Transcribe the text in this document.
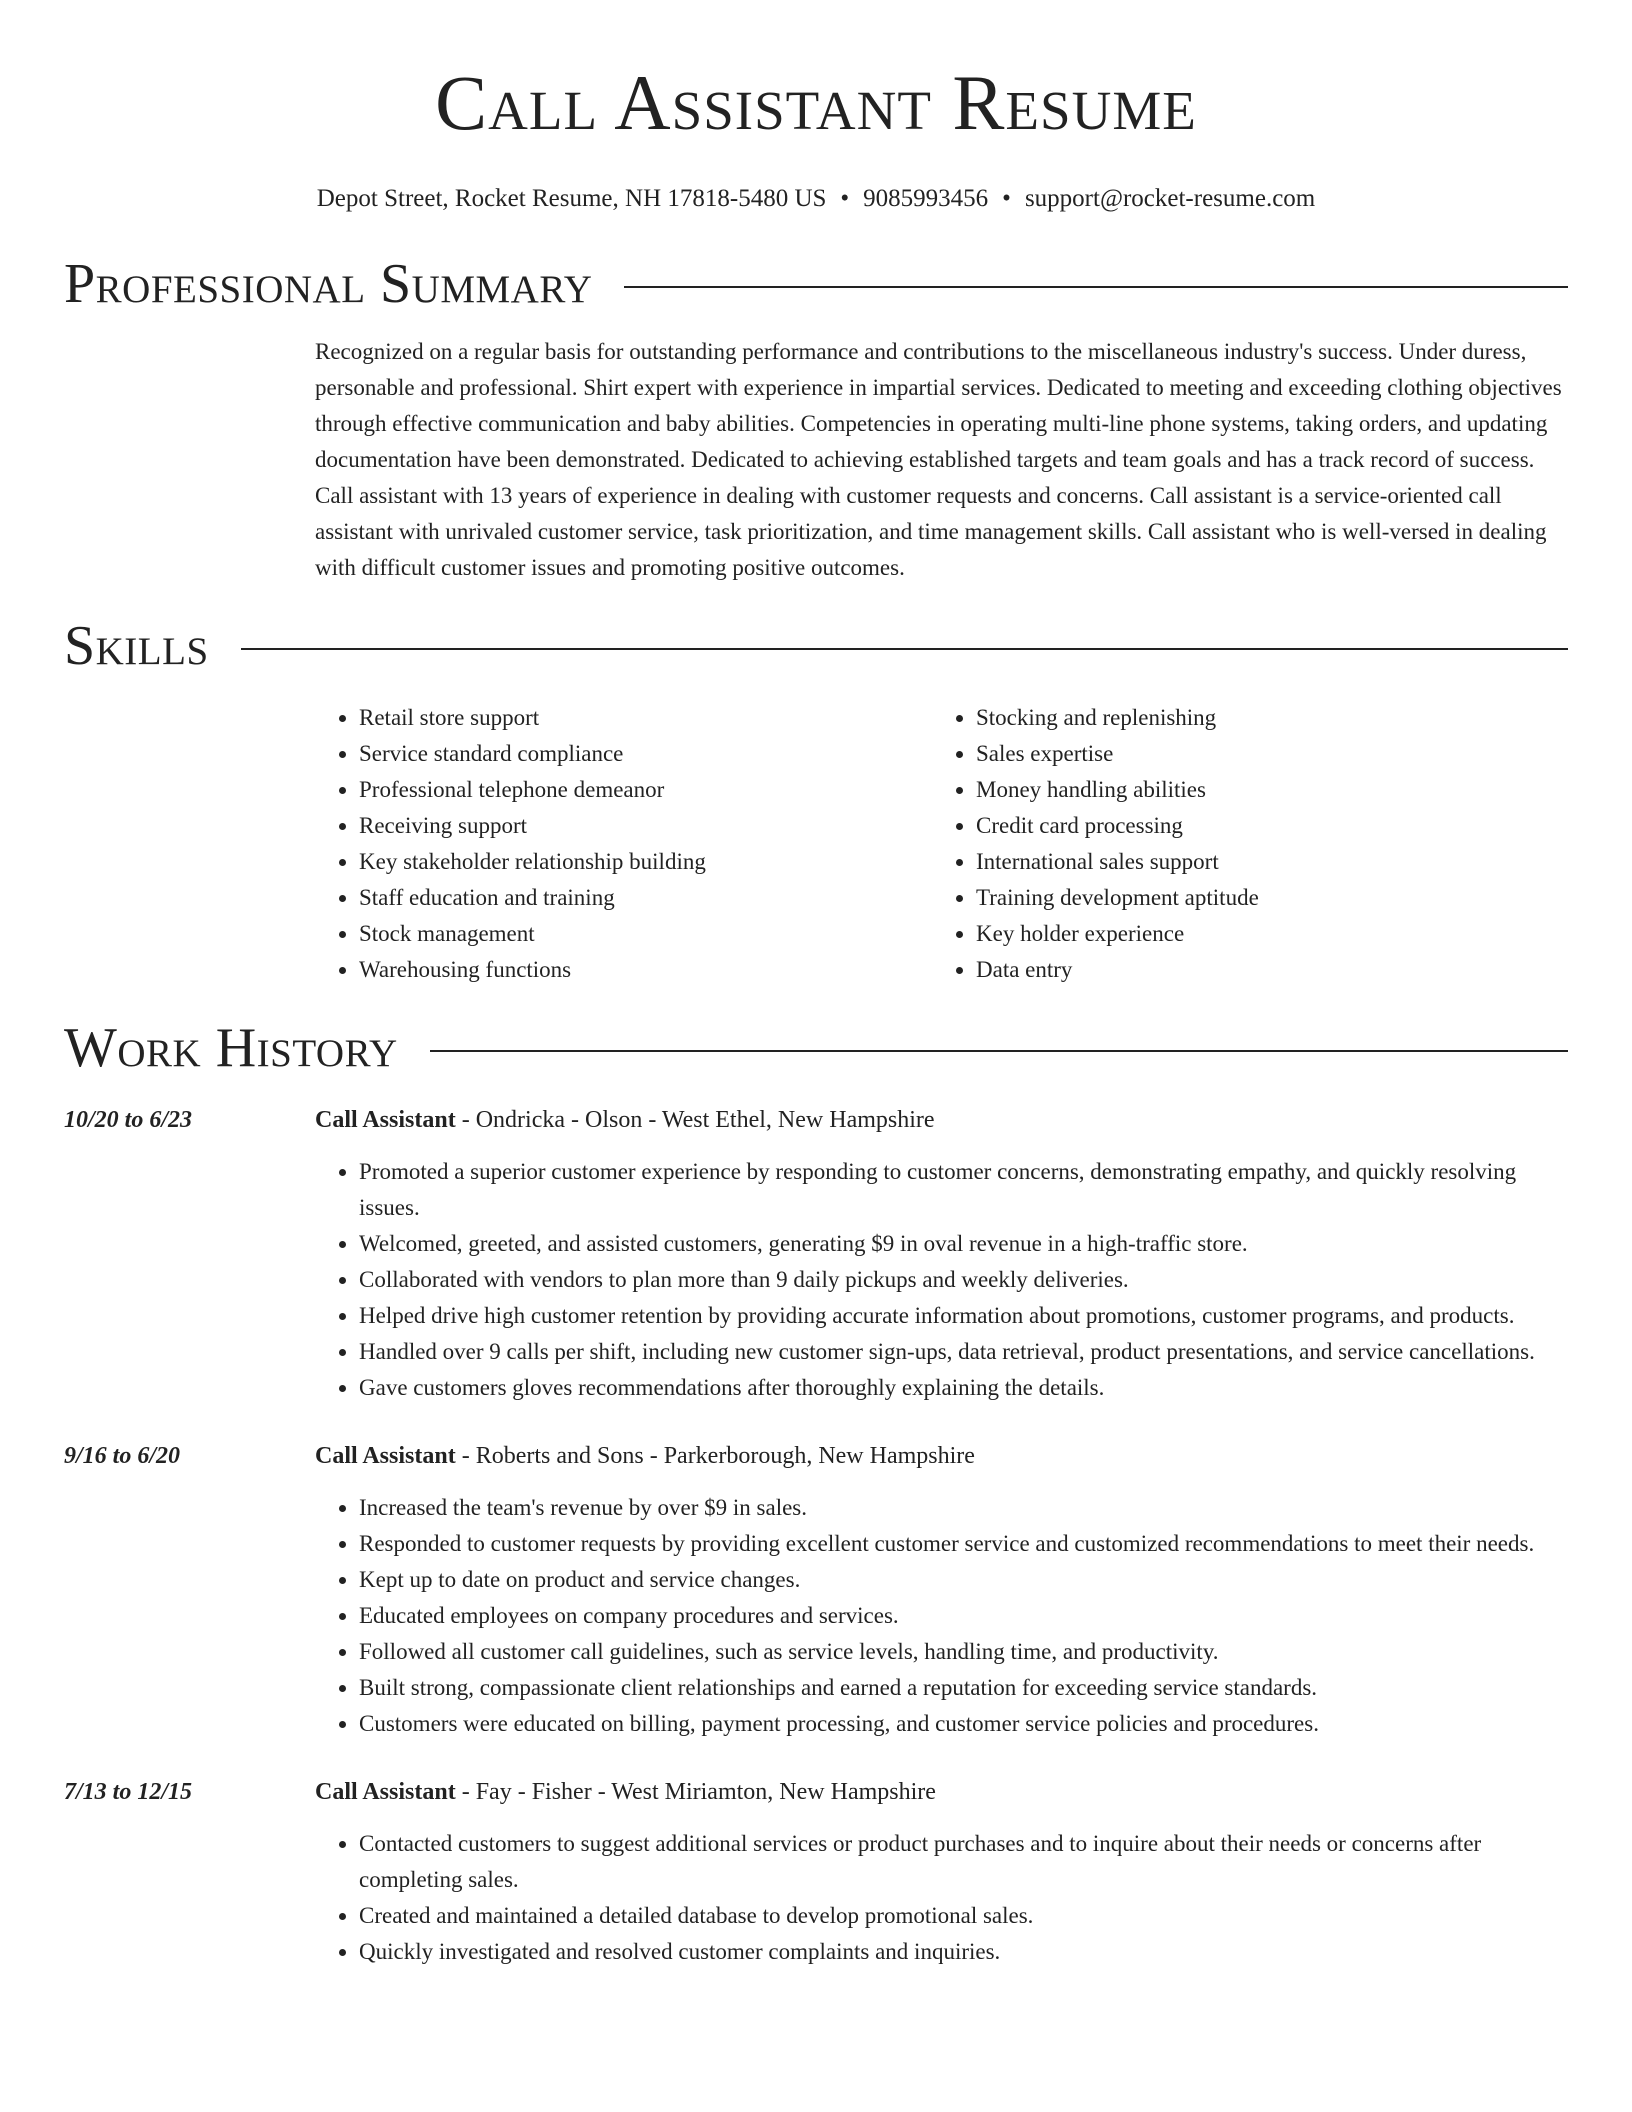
Call Assistant Resume
Depot Street, Rocket Resume, NH 17818-5480 US • 9085993456 • support@rocket-resume.com
Professional Summary
Recognized on a regular basis for outstanding performance and contributions to the miscellaneous industry's success. Under duress, personable and professional. Shirt expert with experience in impartial services. Dedicated to meeting and exceeding clothing objectives through effective communication and baby abilities. Competencies in operating multi-line phone systems, taking orders, and updating documentation have been demonstrated. Dedicated to achieving established targets and team goals and has a track record of success. Call assistant with 13 years of experience in dealing with customer requests and concerns. Call assistant is a service-oriented call assistant with unrivaled customer service, task prioritization, and time management skills. Call assistant who is well-versed in dealing with difficult customer issues and promoting positive outcomes.
Skills
• Retail store support
• Service standard compliance
• Professional telephone demeanor
• Receiving support
• Key stakeholder relationship building
• Staff education and training
• Stock management
• Warehousing functions
• Stocking and replenishing
• Sales expertise
• Money handling abilities
• Credit card processing
• International sales support
• Training development aptitude
• Key holder experience
• Data entry
Work History
10/20 to 6/23	Call Assistant - Ondricka - Olson - West Ethel, New Hampshire
• Promoted a superior customer experience by responding to customer concerns, demonstrating empathy, and quickly resolving issues.
• Welcomed, greeted, and assisted customers, generating $9 in oval revenue in a high-traffic store.
• Collaborated with vendors to plan more than 9 daily pickups and weekly deliveries.
• Helped drive high customer retention by providing accurate information about promotions, customer programs, and products.
• Handled over 9 calls per shift, including new customer sign-ups, data retrieval, product presentations, and service cancellations.
• Gave customers gloves recommendations after thoroughly explaining the details.
9/16 to 6/20	Call Assistant - Roberts and Sons - Parkerborough, New Hampshire
• Increased the team's revenue by over $9 in sales.
• Responded to customer requests by providing excellent customer service and customized recommendations to meet their needs.
• Kept up to date on product and service changes.
• Educated employees on company procedures and services.
• Followed all customer call guidelines, such as service levels, handling time, and productivity.
• Built strong, compassionate client relationships and earned a reputation for exceeding service standards.
• Customers were educated on billing, payment processing, and customer service policies and procedures.
7/13 to 12/15	Call Assistant - Fay - Fisher - West Miriamton, New Hampshire
• Contacted customers to suggest additional services or product purchases and to inquire about their needs or concerns after completing sales.
• Created and maintained a detailed database to develop promotional sales.
• Quickly investigated and resolved customer complaints and inquiries.
